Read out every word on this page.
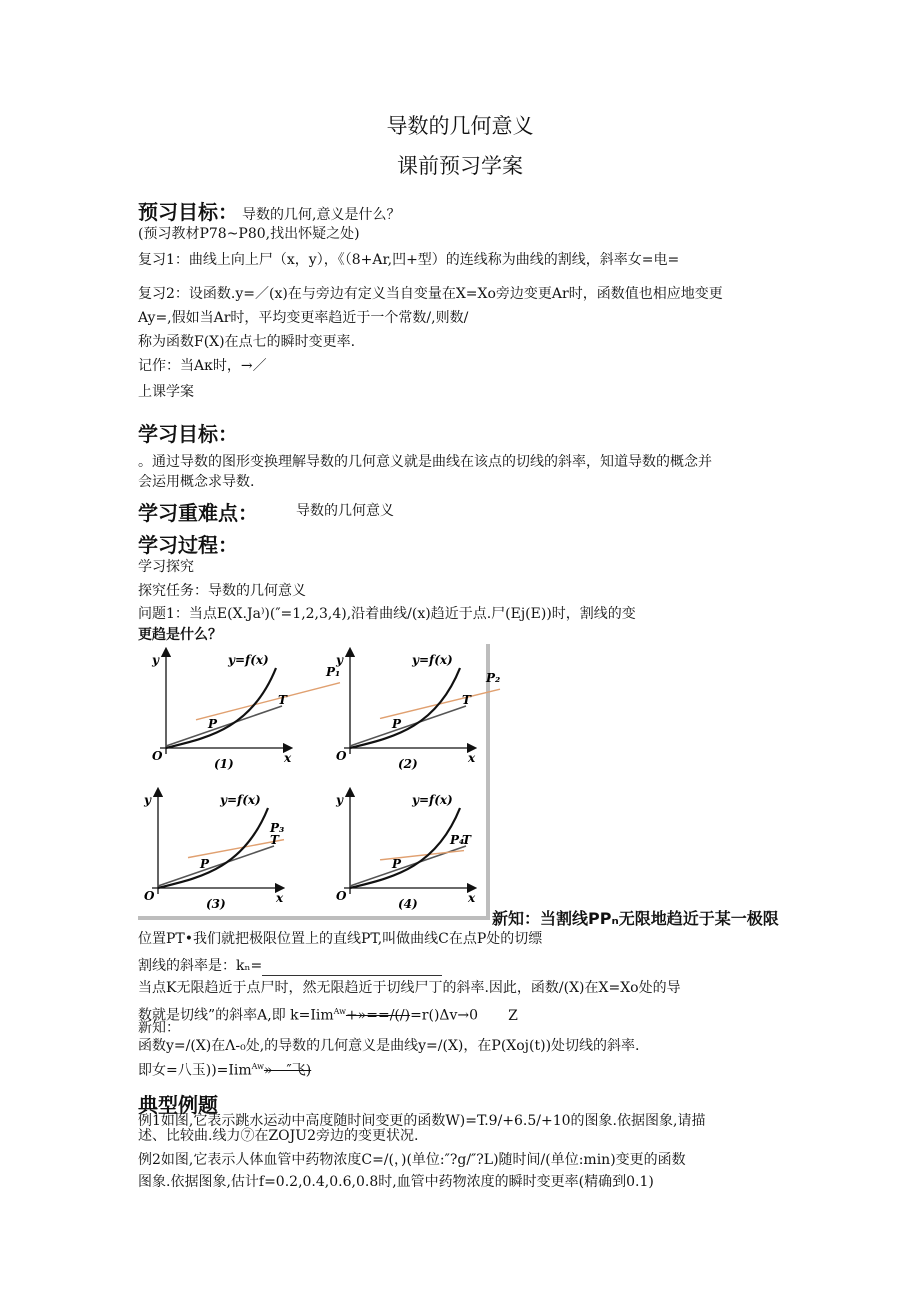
导数的几何意义
课前预习学案
预习目标： 导数的几何,意义是什么？
(预习教材P78~P80,找出怀疑之处)
复习1：曲线上向上尸（x，y），《（8+Ar,凹+型）的连线称为曲线的割线，斜率女=电=
复习2：设函数.y=／(x)在与旁边有定义当自变量在X=Xo旁边变更Ar时，函数值也相应地变更
Ay=,假如当Ar时，平均变更率趋近于一个常数/,则数/
称为函数F(X)在点七的瞬时变更率.
记作：当Aκ时，→／
上课学案
学习目标：
。通过导数的图形变换理解导数的几何意义就是曲线在该点的切线的斜率，知道导数的概念并
会运用概念求导数.
学习重难点：	导数的几何意义
学习过程：
学习探究
探究任务：导数的几何意义
问题1：当点E(X.Ja⁾)(″=1,2,3,4),沿着曲线/(x)趋近于点.尸(Ej(E))时，割线的变
更趋是什么？
x
y
O
y=f(x)
P
P₁
T
(1)	x
y
O
y=f(x)
P
P₂
T
(2)
x
y
O
y=f(x)
P
P₃
T
(3)	x
y
O
y=f(x)
P
P₄
T
(4)
新知：当割线PPₙ无限地趋近于某一极限
位置PT•我们就把极限位置上的直线PT,叫做曲线C在点P处的切缥
割线的斜率是：kₙ=
当点K无限趋近于点尸时，然无限趋近于切线尸丁的斜率.因此，函数/(X)在X=Xo处的导
数就是切线”的斜率A,即 k=Iim$^{Aw}$+»==/(/)=r()Δv→0 Z
新知：
函数y=/(X)在Λ-₀处,的导数的几何意义是曲线y=/(X)，在P(Xoj(t))处切线的斜率.
即女=八玉))=Iim$^{Aw}$»—″飞)
典型例题
例1如图,它表示跳水运动中高度随时间变更的函数W)=T.9/+6.5/+10的图象.依据图象,请描
述、比较曲.线力⑦在ZOJU2旁边的变更状况.
例2如图,它表示人体血管中药物浓度C=/(，)(单位:″?g/″?L)随时间/(单位:min)变更的函数
图象.依据图象,估计f=0.2,0.4,0.6,0.8时,血管中药物浓度的瞬时变更率(精确到0.1)
